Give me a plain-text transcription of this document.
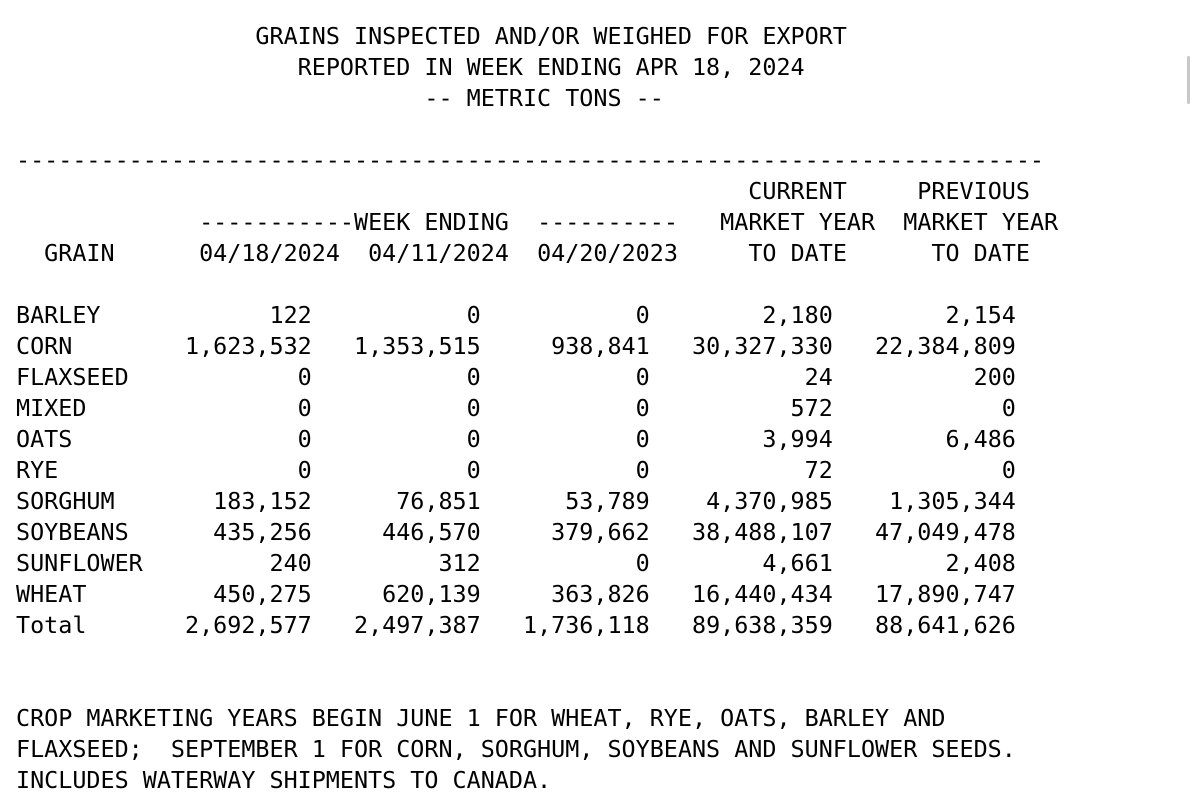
GRAINS INSPECTED AND/OR WEIGHED FOR EXPORT
REPORTED IN WEEK ENDING APR 18, 2024
-- METRIC TONS --
-------------------------------------------------------------------------
CURRENT     PREVIOUS
-----------WEEK ENDING  ----------   MARKET YEAR  MARKET YEAR
GRAIN	04/18/2024  04/11/2024  04/20/2023     TO DATE      TO DATE
BARLEY            122           0           0        2,180        2,154
CORN        1,623,532   1,353,515     938,841   30,327,330   22,384,809
FLAXSEED            0           0           0           24          200
MIXED               0           0           0          572            0
OATS                0           0           0        3,994        6,486
RYE                 0           0           0           72            0
SORGHUM       183,152      76,851      53,789    4,370,985    1,305,344
SOYBEANS      435,256     446,570     379,662   38,488,107   47,049,478
SUNFLOWER         240         312           0        4,661        2,408
WHEAT         450,275     620,139     363,826   16,440,434   17,890,747
Total       2,692,577   2,497,387   1,736,118   89,638,359   88,641,626
CROP MARKETING YEARS BEGIN JUNE 1 FOR WHEAT, RYE, OATS, BARLEY AND
FLAXSEED;  SEPTEMBER 1 FOR CORN, SORGHUM, SOYBEANS AND SUNFLOWER SEEDS.
INCLUDES WATERWAY SHIPMENTS TO CANADA.
